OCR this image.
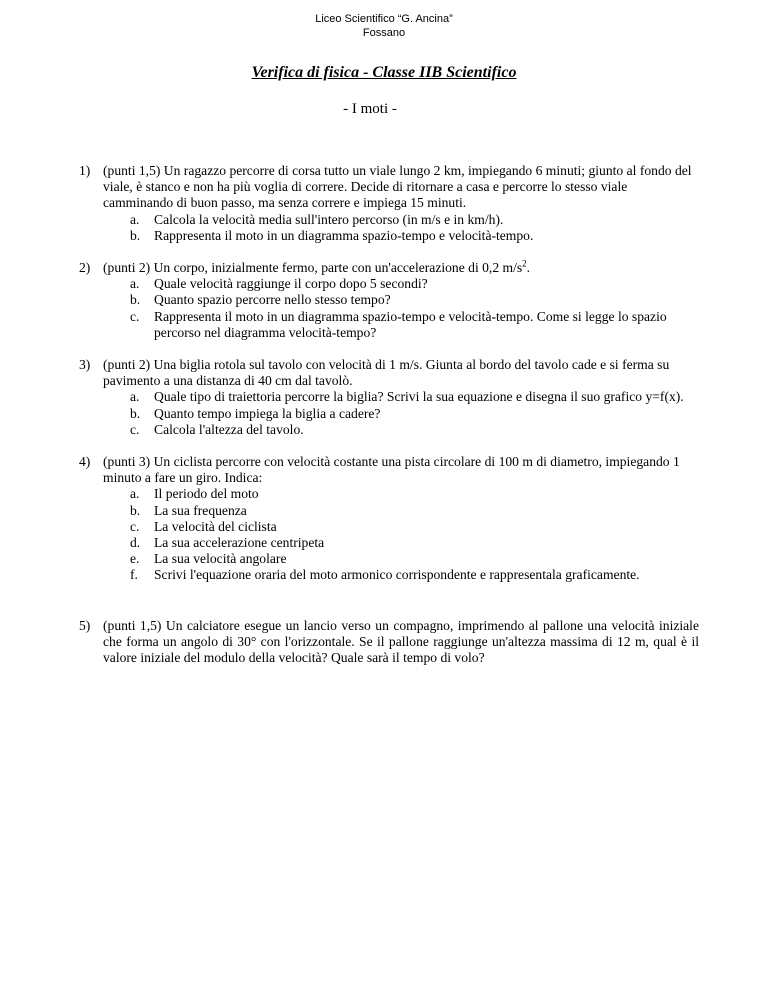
Liceo Scientifico “G. Ancina”
Fossano
Verifica di fisica - Classe IIB Scientifico
- I moti -
1) (punti 1,5) Un ragazzo percorre di corsa tutto un viale lungo 2 km, impiegando 6 minuti; giunto al fondo del viale, è stanco e non ha più voglia di correre. Decide di ritornare a casa e percorre lo stesso viale camminando di buon passo, ma senza correre e impiega 15 minuti.
a. Calcola la velocità media sull'intero percorso (in m/s e in km/h).
b. Rappresenta il moto in un diagramma spazio-tempo e velocità-tempo.
2) (punti 2) Un corpo, inizialmente fermo, parte con un'accelerazione di 0,2 $m/s^2$.
a. Quale velocità raggiunge il corpo dopo 5 secondi?
b. Quanto spazio percorre nello stesso tempo?
c. Rappresenta il moto in un diagramma spazio-tempo e velocità-tempo. Come si legge lo spazio percorso nel diagramma velocità-tempo?
3) (punti 2) Una biglia rotola sul tavolo con velocità di 1 m/s. Giunta al bordo del tavolo cade e si ferma su pavimento a una distanza di 40 cm dal tavolò.
a. Quale tipo di traiettoria percorre la biglia? Scrivi la sua equazione e disegna il suo grafico y=f(x).
b. Quanto tempo impiega la biglia a cadere?
c. Calcola l'altezza del tavolo.
4) (punti 3) Un ciclista percorre con velocità costante una pista circolare di 100 m di diametro, impiegando 1 minuto a fare un giro. Indica:
a. Il periodo del moto
b. La sua frequenza
c. La velocità del ciclista
d. La sua accelerazione centripeta
e. La sua velocità angolare
f. Scrivi l'equazione oraria del moto armonico corrispondente e rappresentala graficamente.
5) (punti 1,5) Un calciatore esegue un lancio verso un compagno, imprimendo al pallone una velocità iniziale che forma un angolo di 30° con l'orizzontale. Se il pallone raggiunge un'altezza massima di 12 m, qual è il valore iniziale del modulo della velocità? Quale sarà il tempo di volo?
